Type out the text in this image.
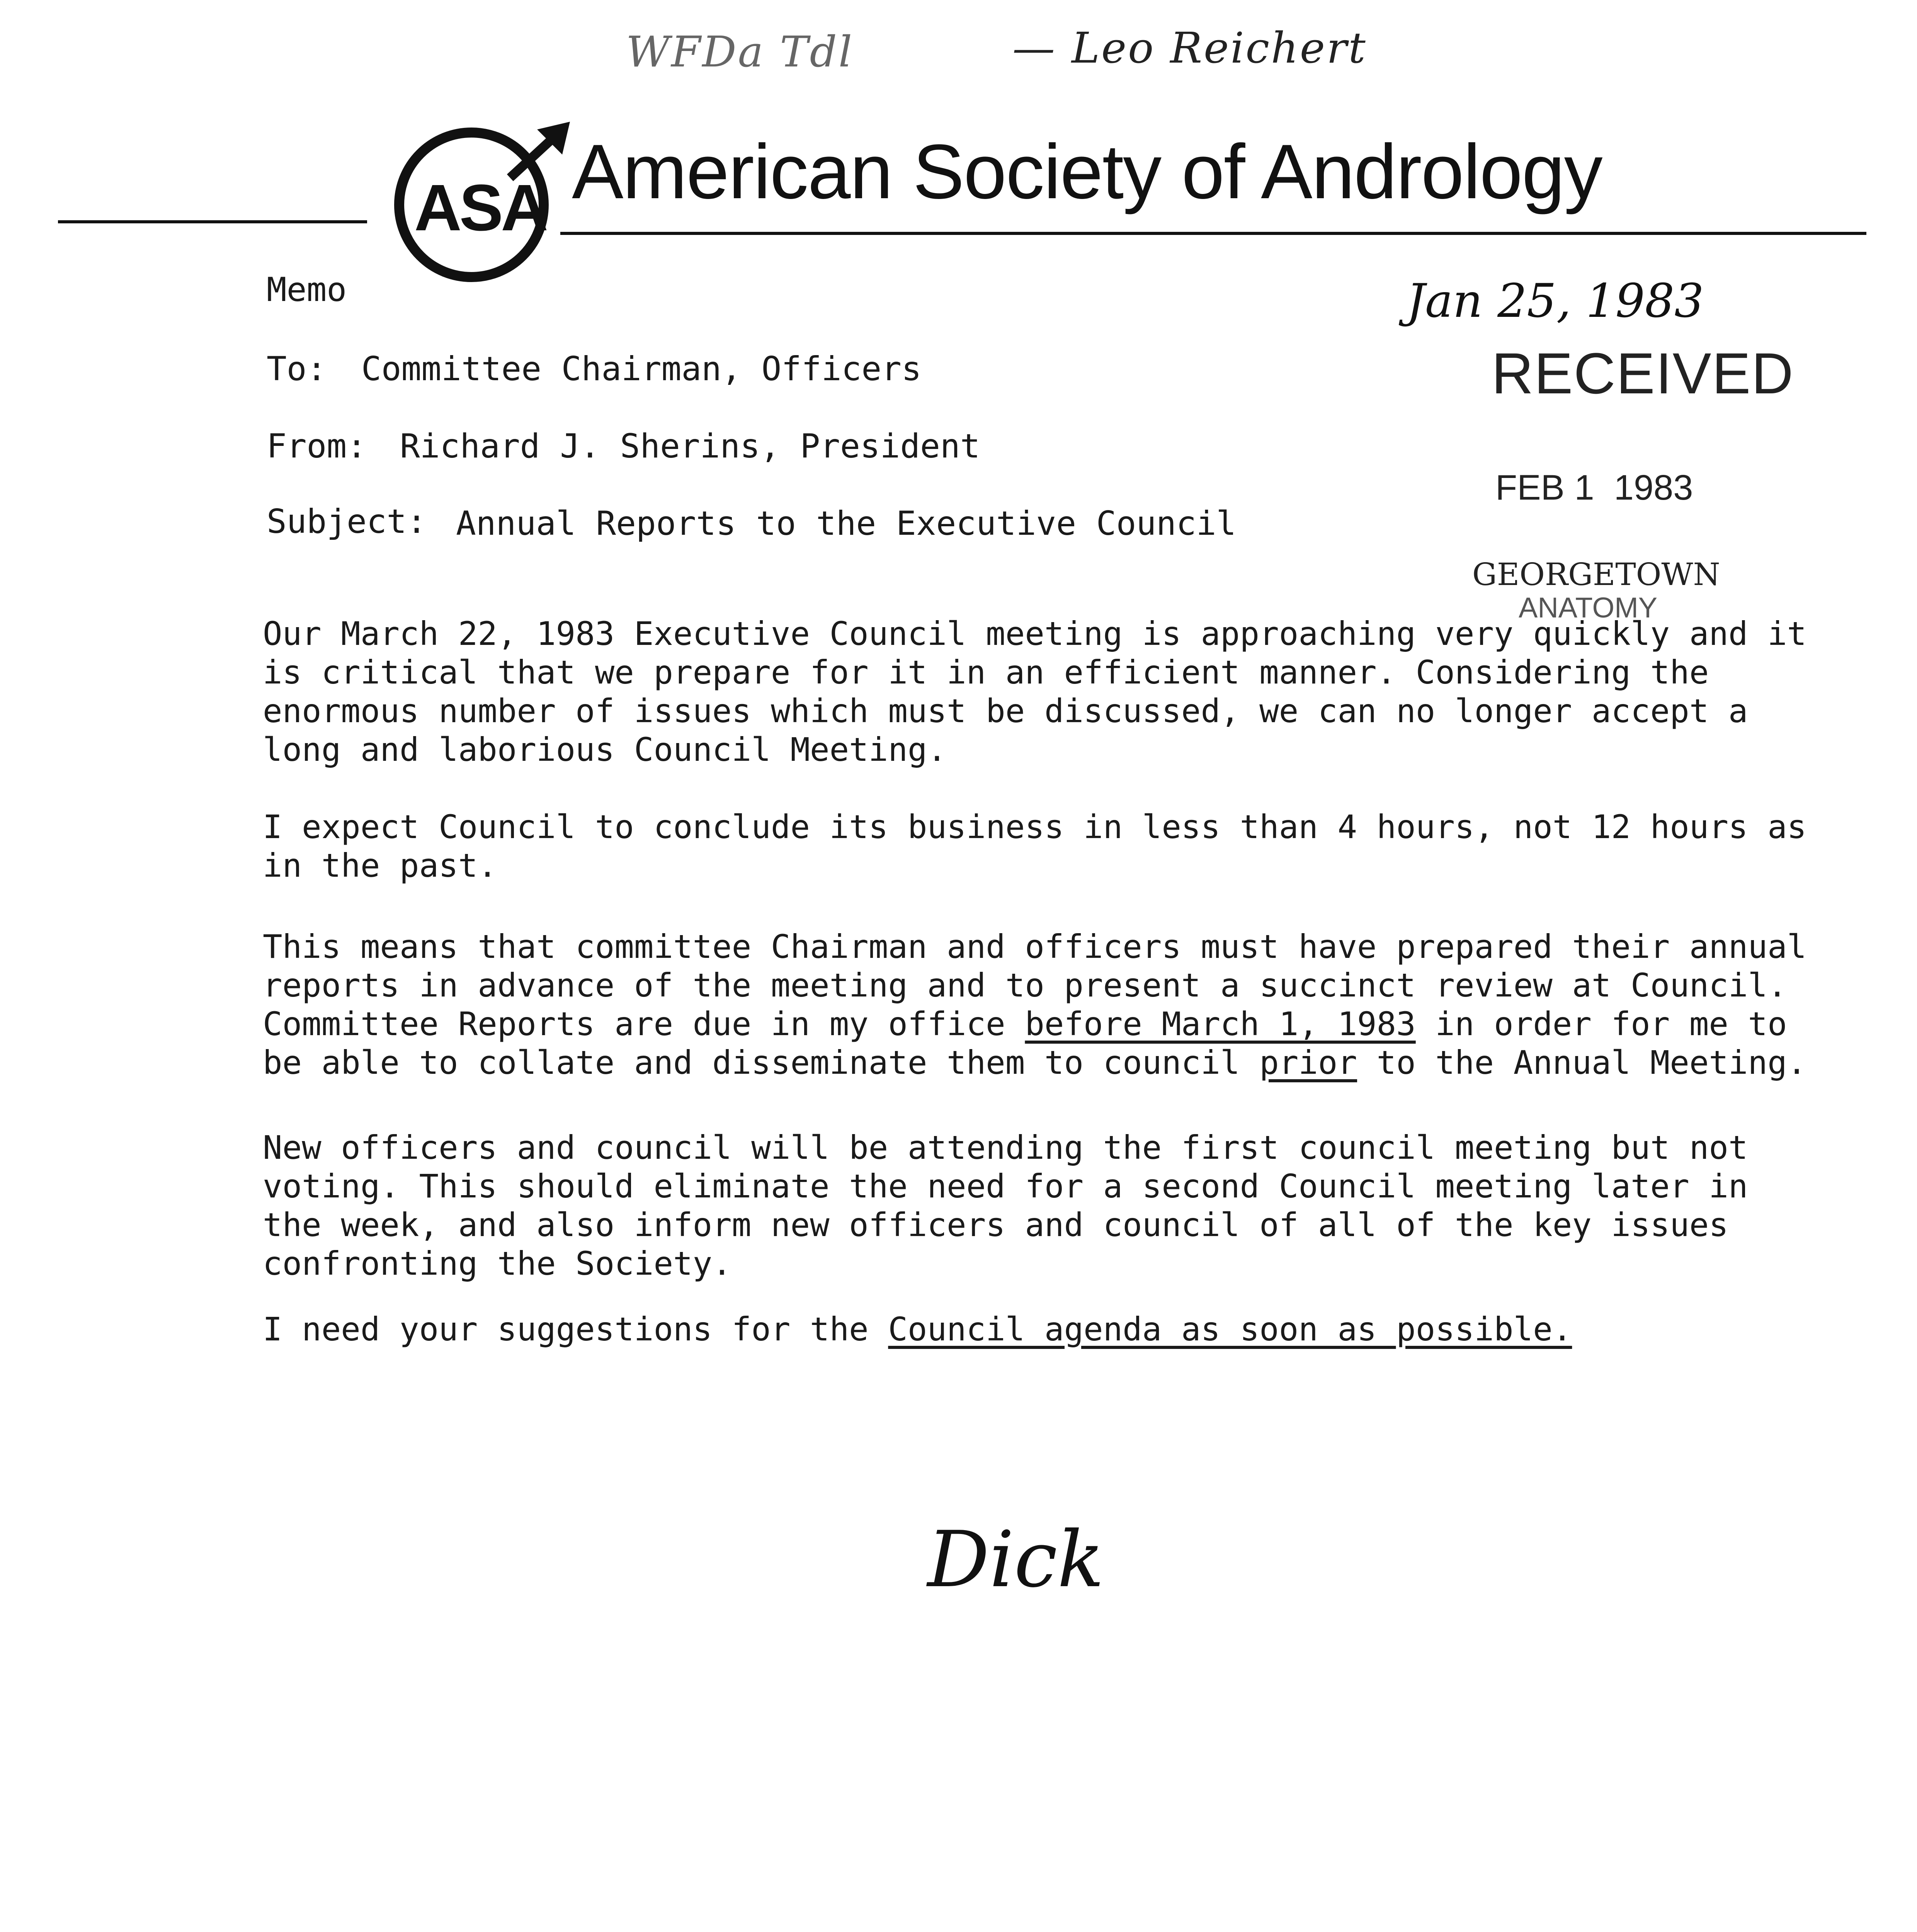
WFDa Tdl	— Leo Reichert
ASA American Society of Andrology
Memo
To: Committee Chairman, Officers
From: Richard J. Sherins, President
Subject: Annual Reports to the Executive Council
Jan 25, 1983
RECEIVED
FEB 1  1983
GEORGETOWN
ANATOMY
Our March 22, 1983 Executive Council meeting is approaching very quickly and it
is critical that we prepare for it in an efficient manner. Considering the
enormous number of issues which must be discussed, we can no longer accept a
long and laborious Council Meeting.
I expect Council to conclude its business in less than 4 hours, not 12 hours as
in the past.
This means that committee Chairman and officers must have prepared their annual
reports in advance of the meeting and to present a succinct review at Council.
Committee Reports are due in my office before March 1, 1983 in order for me to
be able to collate and disseminate them to council prior to the Annual Meeting.
New officers and council will be attending the first council meeting but not
voting. This should eliminate the need for a second Council meeting later in
the week, and also inform new officers and council of all of the key issues
confronting the Society.
I need your suggestions for the Council agenda as soon as possible.
Dick
